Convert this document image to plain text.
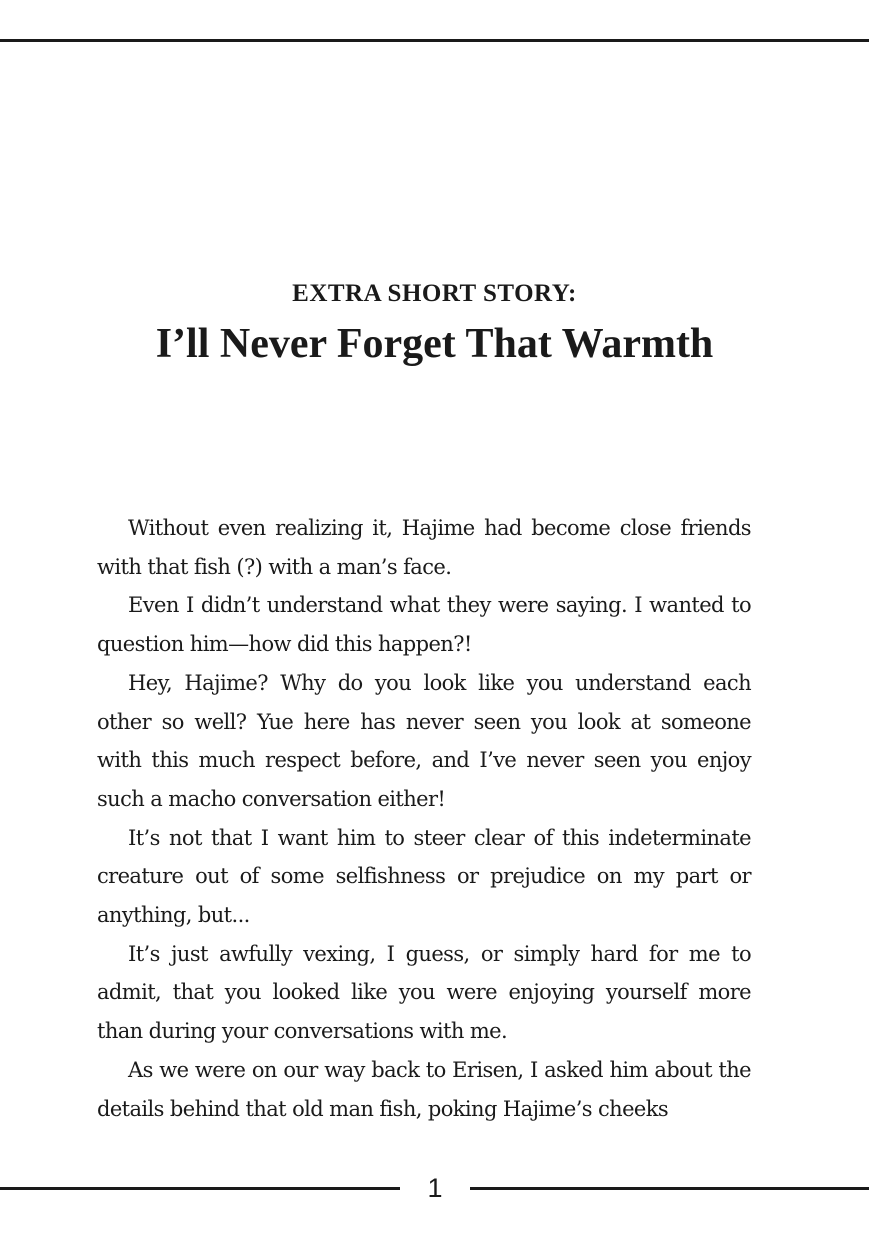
EXTRA SHORT STORY:
I’ll Never Forget That Warmth

Without even realizing it, Hajime had become close friends with that fish (?) with a man’s face.

Even I didn’t understand what they were saying. I wanted to question him—how did this happen?!

Hey, Hajime? Why do you look like you understand each other so well? Yue here has never seen you look at someone with this much respect before, and I’ve never seen you enjoy such a macho conversation either!

It’s not that I want him to steer clear of this indeterminate creature out of some selfishness or prejudice on my part or anything, but...

It’s just awfully vexing, I guess, or simply hard for me to admit, that you looked like you were enjoying yourself more than during your conversations with me.

As we were on our way back to Erisen, I asked him about the details behind that old man fish, poking Hajime’s cheeks

1
